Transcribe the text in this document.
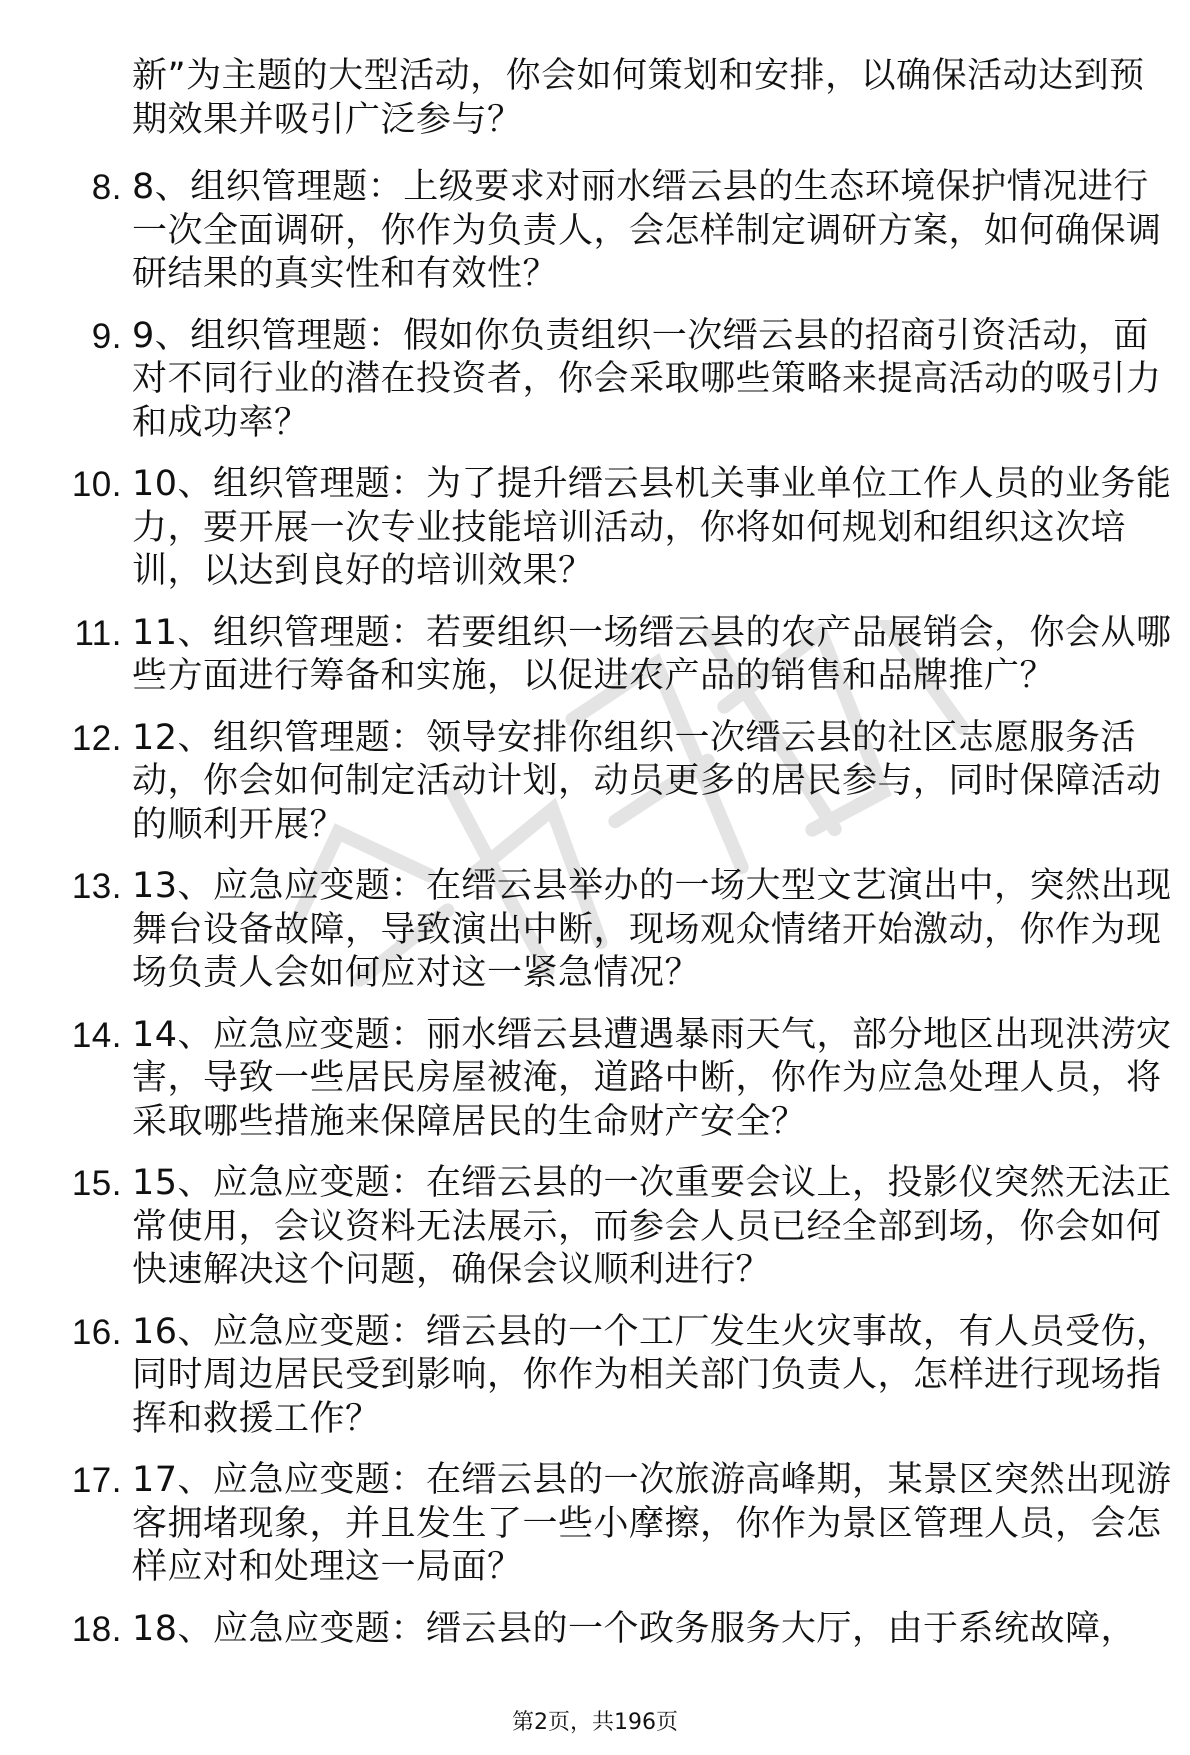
新”为主题的大型活动，你会如何策划和安排，以确保活动达到预期效果并吸引广泛参与？
8. 8、组织管理题：上级要求对丽水缙云县的生态环境保护情况进行一次全面调研，你作为负责人，会怎样制定调研方案，如何确保调研结果的真实性和有效性？
9. 9、组织管理题：假如你负责组织一次缙云县的招商引资活动，面对不同行业的潜在投资者，你会采取哪些策略来提高活动的吸引力和成功率？
10. 10、组织管理题：为了提升缙云县机关事业单位工作人员的业务能力，要开展一次专业技能培训活动，你将如何规划和组织这次培训，以达到良好的培训效果？
11. 11、组织管理题：若要组织一场缙云县的农产品展销会，你会从哪些方面进行筹备和实施，以促进农产品的销售和品牌推广？
12. 12、组织管理题：领导安排你组织一次缙云县的社区志愿服务活动，你会如何制定活动计划，动员更多的居民参与，同时保障活动的顺利开展？
13. 13、应急应变题：在缙云县举办的一场大型文艺演出中，突然出现舞台设备故障，导致演出中断，现场观众情绪开始激动，你作为现场负责人会如何应对这一紧急情况？
14. 14、应急应变题：丽水缙云县遭遇暴雨天气，部分地区出现洪涝灾害，导致一些居民房屋被淹，道路中断，你作为应急处理人员，将采取哪些措施来保障居民的生命财产安全？
15. 15、应急应变题：在缙云县的一次重要会议上，投影仪突然无法正常使用，会议资料无法展示，而参会人员已经全部到场，你会如何快速解决这个问题，确保会议顺利进行？
16. 16、应急应变题：缙云县的一个工厂发生火灾事故，有人员受伤，同时周边居民受到影响，你作为相关部门负责人，怎样进行现场指挥和救援工作？
17. 17、应急应变题：在缙云县的一次旅游高峰期，某景区突然出现游客拥堵现象，并且发生了一些小摩擦，你作为景区管理人员，会怎样应对和处理这一局面？
18. 18、应急应变题：缙云县的一个政务服务大厅，由于系统故障，
第2页，共196页
